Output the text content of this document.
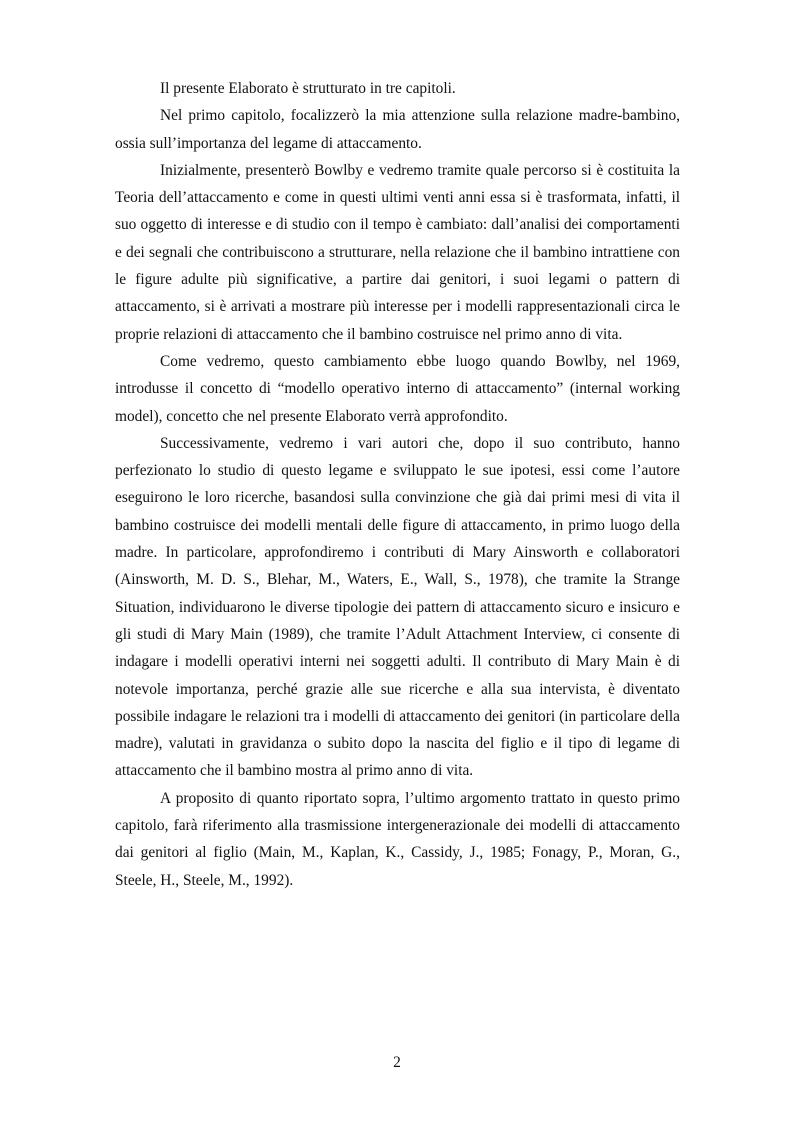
Il presente Elaborato è strutturato in tre capitoli.

Nel primo capitolo, focalizzerò la mia attenzione sulla relazione madre-bambino, ossia sull’importanza del legame di attaccamento.

Inizialmente, presenterò Bowlby e vedremo tramite quale percorso si è costituita la Teoria dell’attaccamento e come in questi ultimi venti anni essa si è trasformata, infatti, il suo oggetto di interesse e di studio con il tempo è cambiato: dall’analisi dei comportamenti e dei segnali che contribuiscono a strutturare, nella relazione che il bambino intrattiene con le figure adulte più significative, a partire dai genitori, i suoi legami o pattern di attaccamento, si è arrivati a mostrare più interesse per i modelli rappresentazionali circa le proprie relazioni di attaccamento che il bambino costruisce nel primo anno di vita.

Come vedremo, questo cambiamento ebbe luogo quando Bowlby, nel 1969, introdusse il concetto di “modello operativo interno di attaccamento” (internal working model), concetto che nel presente Elaborato verrà approfondito.

Successivamente, vedremo i vari autori che, dopo il suo contributo, hanno perfezionato lo studio di questo legame e sviluppato le sue ipotesi, essi come l’autore eseguirono le loro ricerche, basandosi sulla convinzione che già dai primi mesi di vita il bambino costruisce dei modelli mentali delle figure di attaccamento, in primo luogo della madre. In particolare, approfondiremo i contributi di Mary Ainsworth e collaboratori (Ainsworth, M. D. S., Blehar, M., Waters, E., Wall, S., 1978), che tramite la Strange Situation, individuarono le diverse tipologie dei pattern di attaccamento sicuro e insicuro e gli studi di Mary Main (1989), che tramite l’Adult Attachment Interview, ci consente di indagare i modelli operativi interni nei soggetti adulti. Il contributo di Mary Main è di notevole importanza, perché grazie alle sue ricerche e alla sua intervista, è diventato possibile indagare le relazioni tra i modelli di attaccamento dei genitori (in particolare della madre), valutati in gravidanza o subito dopo la nascita del figlio e il tipo di legame di attaccamento che il bambino mostra al primo anno di vita.

A proposito di quanto riportato sopra, l’ultimo argomento trattato in questo primo capitolo, farà riferimento alla trasmissione intergenerazionale dei modelli di attaccamento dai genitori al figlio (Main, M., Kaplan, K., Cassidy, J., 1985; Fonagy, P., Moran, G., Steele, H., Steele, M., 1992).

2
